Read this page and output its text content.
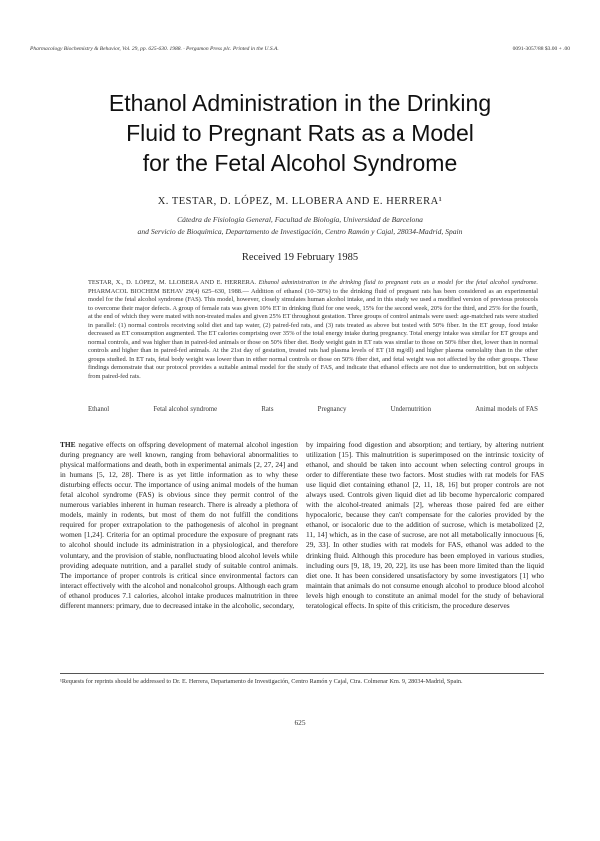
Pharmacology Biochemistry & Behavior, Vol. 29, pp. 625-630. 1988. · Pergamon Press plc. Printed in the U.S.A.	0091-3057/88 $3.00 + .00
Ethanol Administration in the Drinking
Fluid to Pregnant Rats as a Model
for the Fetal Alcohol Syndrome
X. TESTAR, D. LÓPEZ, M. LLOBERA AND E. HERRERA¹
Cátedra de Fisiología General, Facultad de Biología, Universidad de Barcelona
and Servicio de Bioquímica, Departamento de Investigación, Centro Ramón y Cajal, 28034-Madrid, Spain
Received 19 February 1985
TESTAR, X., D. LÓPEZ, M. LLOBERA AND E. HERRERA. Ethanol administration in the drinking fluid to pregnant rats as a model for the fetal alcohol syndrome. PHARMACOL BIOCHEM BEHAV 29(4) 625–630, 1988.— Addition of ethanol (10–30%) to the drinking fluid of pregnant rats has been considered as an experimental model for the fetal alcohol syndrome (FAS). This model, however, closely simulates human alcohol intake, and in this study we used a modified version of previous protocols to overcome their major defects. A group of female rats was given 10% ET in drinking fluid for one week, 15% for the second week, 20% for the third, and 25% for the fourth, at the end of which they were mated with non-treated males and given 25% ET throughout gestation. Three groups of control animals were used: age-matched rats were studied in parallel: (1) normal controls receiving solid diet and tap water, (2) paired-fed rats, and (3) rats treated as above but tested with 50% fiber. In the ET group, food intake decreased as ET consumption augmented. The ET calories comprising over 35% of the total energy intake during pregnancy. Total energy intake was similar for ET groups and normal controls, and was higher than in paired-fed animals or those on 50% fiber diet. Body weight gain in ET rats was similar to those on 50% fiber diet, lower than in normal controls and higher than in paired-fed animals. At the 21st day of gestation, treated rats had plasma levels of ET (18 mg/dl) and higher plasma osmolality than in the other groups studied. In ET rats, fetal body weight was lower than in either normal controls or those on 50% fiber diet, and fetal weight was not affected by the other groups. These findings demonstrate that our protocol provides a suitable animal model for the study of FAS, and indicate that ethanol effects are not due to undernutrition, but on subjects from paired-fed rats.
Ethanol	Fetal alcohol syndrome	Rats	Pregnancy	Undernutrition	Animal models of FAS
THE negative effects on offspring development of maternal alcohol ingestion during pregnancy are well known, ranging from behavioral abnormalities to physical malformations and death, both in experimental animals [2, 27, 24] and in humans [5, 12, 28]. There is as yet little information as to why these disturbing effects occur. The importance of using animal models of the human fetal alcohol syndrome (FAS) is obvious since they permit control of the numerous variables inherent in human research. There is already a plethora of models, mainly in rodents, but most of them do not fulfill the conditions required for proper extrapolation to the pathogenesis of alcohol in pregnant women [1,24]. Criteria for an optimal procedure the exposure of pregnant rats to alcohol should include its administration in a physiological, and therefore voluntary, and the provision of stable, nonfluctuating blood alcohol levels while providing adequate nutrition, and a parallel study of suitable control animals. The importance of proper controls is critical since environmental factors can interact effectively with the alcohol and nonalcohol groups. Although each gram of ethanol produces 7.1 calories, alcohol intake produces malnutrition in three different manners: primary, due to decreased intake in the alcoholic, secondary,
by impairing food digestion and absorption; and tertiary, by altering nutrient utilization [15]. This malnutrition is superimposed on the intrinsic toxicity of ethanol, and should be taken into account when selecting control groups in order to differentiate these two factors. Most studies with rat models for FAS use liquid diet containing ethanol [2, 11, 18, 16] but proper controls are not always used. Controls given liquid diet ad lib become hypercaloric compared with the alcohol-treated animals [2], whereas those paired fed are either hypocaloric, because they can't compensate for the calories provided by the ethanol, or isocaloric due to the addition of sucrose, which is metabolized [2, 11, 14] which, as in the case of sucrose, are not all metabolically innocuous [6, 29, 33]. In other studies with rat models for FAS, ethanol was added to the drinking fluid. Although this procedure has been employed in various studies, including ours [9, 18, 19, 20, 22], its use has been more limited than the liquid diet one. It has been considered unsatisfactory by some investigators [1] who maintain that animals do not consume enough alcohol to produce blood alcohol levels high enough to constitute an animal model for the study of behavioral teratological effects. In spite of this criticism, the procedure deserves
¹Requests for reprints should be addressed to Dr. E. Herrera, Departamento de Investigación, Centro Ramón y Cajal, Ctra. Colmenar Km. 9, 28034-Madrid, Spain.
625
